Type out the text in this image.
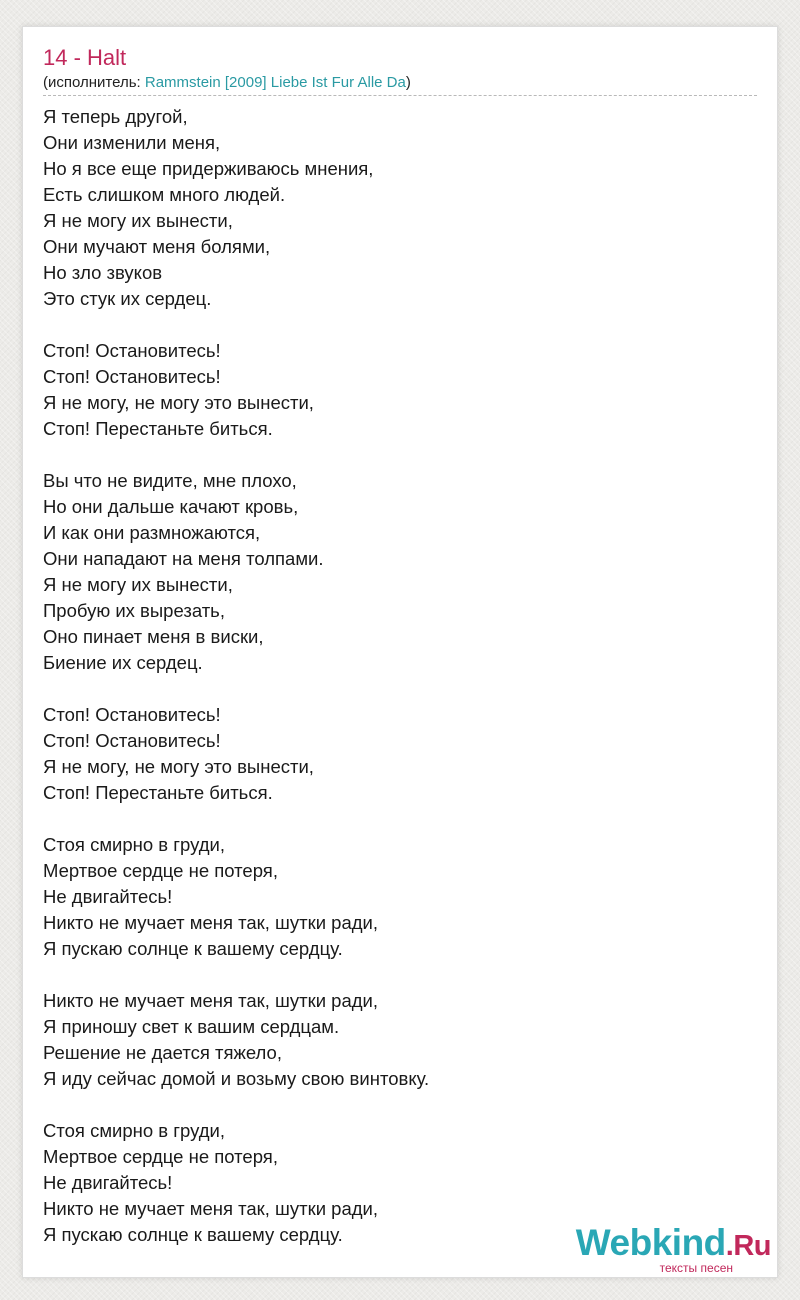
14 - Halt
(исполнитель: Rammstein [2009] Liebe Ist Fur Alle Da)
Я теперь другой,
Они изменили меня,
Но я все еще придерживаюсь мнения,
Есть слишком много людей.
Я не могу их вынести,
Они мучают меня болями,
Но зло звуков
Это стук их сердец.
Стоп! Остановитесь!
Стоп! Остановитесь!
Я не могу, не могу это вынести,
Стоп! Перестаньте биться.
Вы что не видите, мне плохо,
Но они дальше качают кровь,
И как они размножаются,
Они нападают на меня толпами.
Я не могу их вынести,
Пробую их вырезать,
Оно пинает меня в виски,
Биение их сердец.
Стоп! Остановитесь!
Стоп! Остановитесь!
Я не могу, не могу это вынести,
Стоп! Перестаньте биться.
Стоя смирно в груди,
Мертвое сердце не потеря,
Не двигайтесь!
Никто не мучает меня так, шутки ради,
Я пускаю солнце к вашему сердцу.
Никто не мучает меня так, шутки ради,
Я приношу свет к вашим сердцам.
Решение не дается тяжело,
Я иду сейчас домой и возьму свою винтовку.
Стоя смирно в груди,
Мертвое сердце не потеря,
Не двигайтесь!
Никто не мучает меня так, шутки ради,
Я пускаю солнце к вашему сердцу.	Webkind.Ru
тексты песен
